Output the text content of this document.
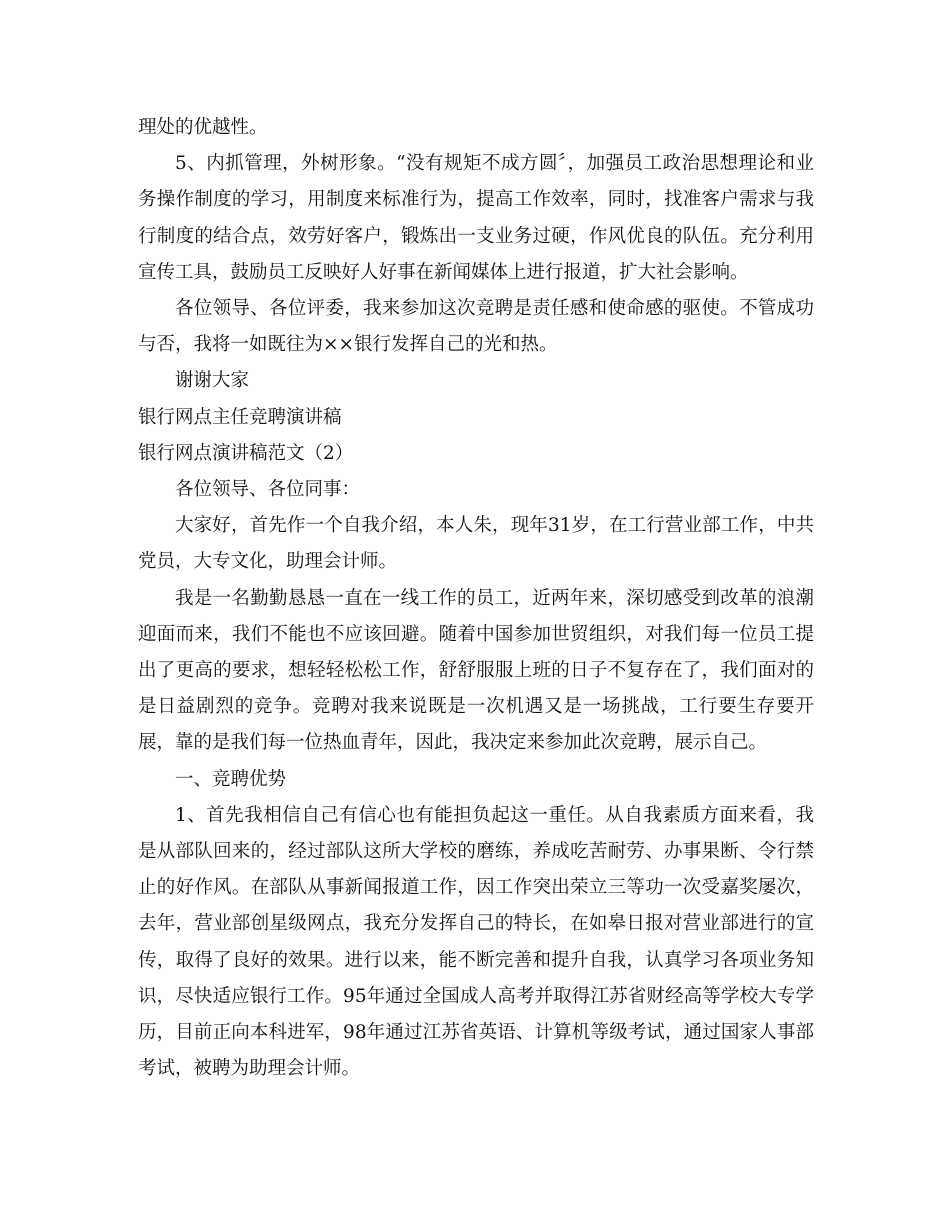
理处的优越性。

5、内抓管理，外树形象。“没有规矩不成方圆〞，加强员工政治思想理论和业务操作制度的学习，用制度来标准行为，提高工作效率，同时，找准客户需求与我行制度的结合点，效劳好客户，锻炼出一支业务过硬，作风优良的队伍。充分利用宣传工具，鼓励员工反映好人好事在新闻媒体上进行报道，扩大社会影响。

各位领导、各位评委，我来参加这次竞聘是责任感和使命感的驱使。不管成功与否，我将一如既往为××银行发挥自己的光和热。

谢谢大家

银行网点主任竞聘演讲稿

银行网点演讲稿范文（2）

各位领导、各位同事：

大家好，首先作一个自我介绍，本人朱，现年31岁，在工行营业部工作，中共党员，大专文化，助理会计师。

我是一名勤勤恳恳一直在一线工作的员工，近两年来，深切感受到改革的浪潮迎面而来，我们不能也不应该回避。随着中国参加世贸组织，对我们每一位员工提出了更高的要求，想轻轻松松工作，舒舒服服上班的日子不复存在了，我们面对的是日益剧烈的竞争。竞聘对我来说既是一次机遇又是一场挑战，工行要生存要开展，靠的是我们每一位热血青年，因此，我决定来参加此次竞聘，展示自己。

一、竞聘优势

1、首先我相信自己有信心也有能担负起这一重任。从自我素质方面来看，我是从部队回来的，经过部队这所大学校的磨练，养成吃苦耐劳、办事果断、令行禁止的好作风。在部队从事新闻报道工作，因工作突出荣立三等功一次受嘉奖屡次，去年，营业部创星级网点，我充分发挥自己的特长，在如皋日报对营业部进行的宣传，取得了良好的效果。进行以来，能不断完善和提升自我，认真学习各项业务知识，尽快适应银行工作。95年通过全国成人高考并取得江苏省财经高等学校大专学历，目前正向本科进军，98年通过江苏省英语、计算机等级考试，通过国家人事部考试，被聘为助理会计师。
